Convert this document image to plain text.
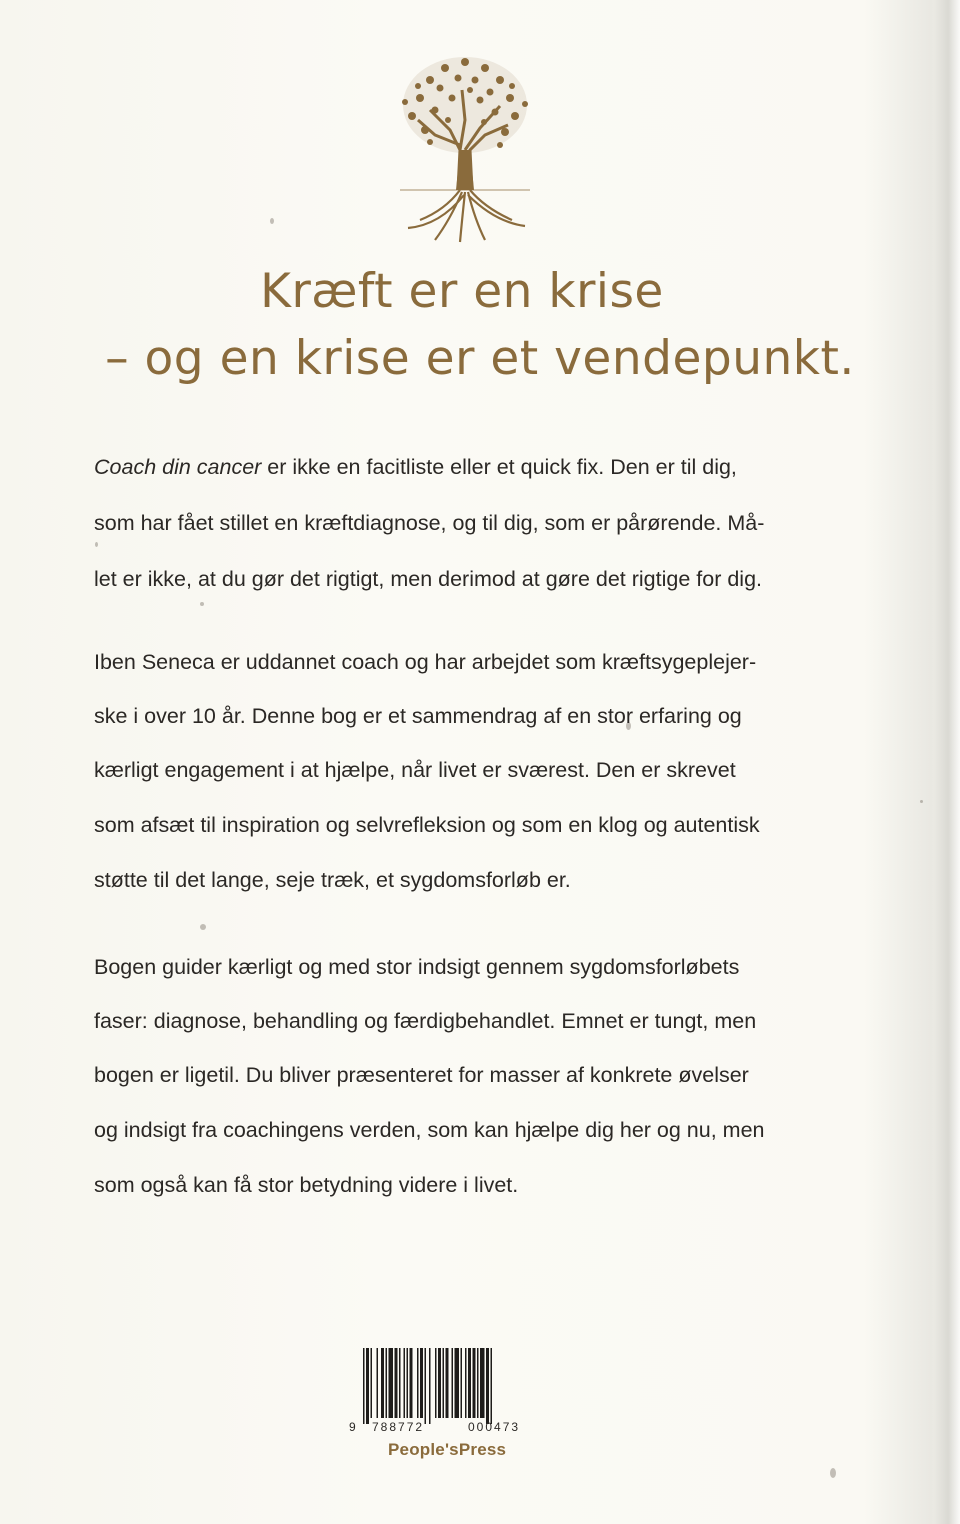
Kræft er en krise
– og en krise er et vendepunkt.
Coach din cancer er ikke en facitliste eller et quick fix. Den er til dig,
som har fået stillet en kræftdiagnose, og til dig, som er pårørende. Må-
let er ikke, at du gør det rigtigt, men derimod at gøre det rigtige for dig.
Iben Seneca er uddannet coach og har arbejdet som kræftsygeplejer-
ske i over 10 år. Denne bog er et sammendrag af en stor erfaring og
kærligt engagement i at hjælpe, når livet er sværest. Den er skrevet
som afsæt til inspiration og selvrefleksion og som en klog og autentisk
støtte til det lange, seje træk, et sygdomsforløb er.
Bogen guider kærligt og med stor indsigt gennem sygdomsforløbets
faser: diagnose, behandling og færdigbehandlet. Emnet er tungt, men
bogen er ligetil. Du bliver præsenteret for masser af konkrete øvelser
og indsigt fra coachingens verden, som kan hjælpe dig her og nu, men
som også kan få stor betydning videre i livet.
9 788772	000473
People'sPress
